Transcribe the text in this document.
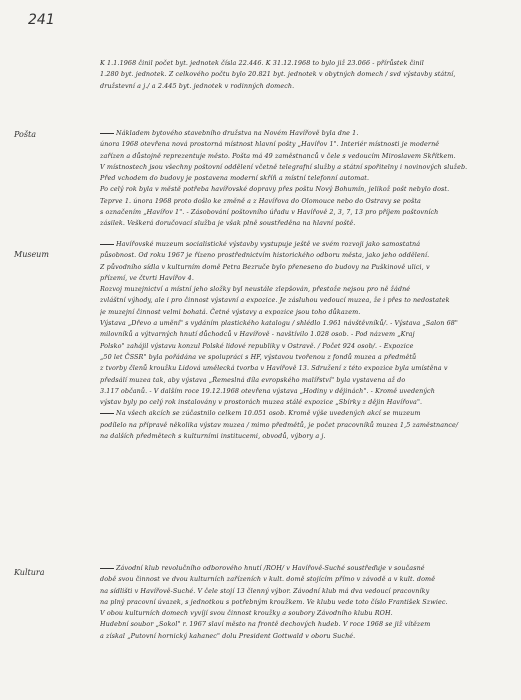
241
K 1.1.1968 činil počet byt. jednotek čísla 22.446. K 31.12.1968 to bylo již 23.066 - přírůstek činil
1.280 byt. jednotek. Z celkového počtu bylo 20.821 byt. jednotek v obytných domech / svd výstavby státní,
družstevní a j./ a 2.445 byt. jednotek v rodinných domech.
Pošta	Nákladem bytového stavebního družstva na Novém Havířově byla dne 1.
února 1968 otevřena nová prostorná místnost hlavní pošty „Havířov 1". Interiér místnosti je moderně
zařízen a důstojně reprezentuje město. Pošta má 49 zaměstnanců v čele s vedoucím Miroslavem Skřítkem.
V místnostech jsou všechny poštovní oddělení včetně telegrafní služby a státní spořitelny i novinových služeb.
Před vchodem do budovy je postavena moderní skříň a místní telefonní automat.
Po celý rok byla v městě potřeba havířovské dopravy přes poštu Nový Bohumín, jelikož pošt nebylo dost.
Teprve 1. února 1968 proto došlo ke změně a z Havířova do Olomouce nebo do Ostravy se pošta
s označením „Havířov 1". - Zásobování poštovního úřadu v Havířově 2, 3, 7, 13 pro příjem poštovních
zásilek. Veškerá doručovací služba je však plně soustředěna na hlavní poště.
Museum
Havířovské muzeum socialistické výstavby vystupuje ještě ve svém rozvoji jako samostatná
působnost. Od roku 1967 je řízeno prostřednictvím historického odboru města, jako jeho oddělení.
Z původního sídla v kulturním domě Petra Bezruče bylo přeneseno do budovy na Puškinově ulici, v
přízemí, ve čtvrti Havířov 4.
Rozvoj muzejnictví a místní jeho složky byl neustále zlepšován, přestože nejsou pro ně žádné
zvláštní výhody, ale i pro činnost výstavní a expozice. Je zásluhou vedoucí muzea, že i přes to nedostatek
je muzejní činnost velmi bohatá. Četné výstavy a expozice jsou toho důkazem.
Výstava „Dřevo a umění" s vydáním plastického katalogu / shlédlo 1.961 návštěvníků/. - Výstava „Salon 68"
milovníků a výtvarných hnutí důchodců v Havířově - navštívilo 1.028 osob. - Pod názvem „Kraj
Polsko" zahájil výstavu konzul Polské lidové republiky v Ostravě. / Počet 924 osob/. - Expozice
„50 let ČSSR" byla pořádána ve spolupráci s HF, výstavou tvořenou z fondů muzea a předmětů
z tvorby členů kroužku Lidová umělecká tvorba v Havířově 13. Sdružení z této expozice byla umístěna v
předsálí muzea tak, aby výstava „Řemeslná díla evropského malířství" byla vystavena až do
3.117 občanů. - V dalším roce 19.12.1968 otevřena výstava „Hodiny v dějinách". - Kromě uvedených
výstav byly po celý rok instalovány v prostorách muzea stálé expozice „Sbírky z dějin Havířova".
Na všech akcích se zúčastnilo celkem 10.051 osob. Kromě výše uvedených akcí se muzeum
podílelo na přípravě několika výstav muzea / mimo předmětů, je počet pracovníků muzea 1,5 zaměstnance/
na dalších předmětech s kulturními institucemi, obvodů, výbory a j.
Kultura	Závodní klub revolučního odborového hnutí /ROH/ v Havířově-Suché soustřeďuje v současné
době svou činnost ve dvou kulturních zařízeních v kult. domě stojícím přímo v závodě a v kult. domě
na sídlišti v Havířově-Suché. V čele stojí 13 členný výbor. Závodní klub má dva vedoucí pracovníky
na plný pracovní úvazek, s jednotkou s potřebným kroužkem. Ve klubu vede toto číslo František Szwiec.
V obou kulturních domech vyvíjí svou činnost kroužky a soubory Závodního klubu ROH.
Hudební soubor „Sokol" r. 1967 slaví město na frontě dechových hudeb. V roce 1968 se již vítězem
a získal „Putovní hornický kahanec" dolu President Gottwald v oboru Suché.
